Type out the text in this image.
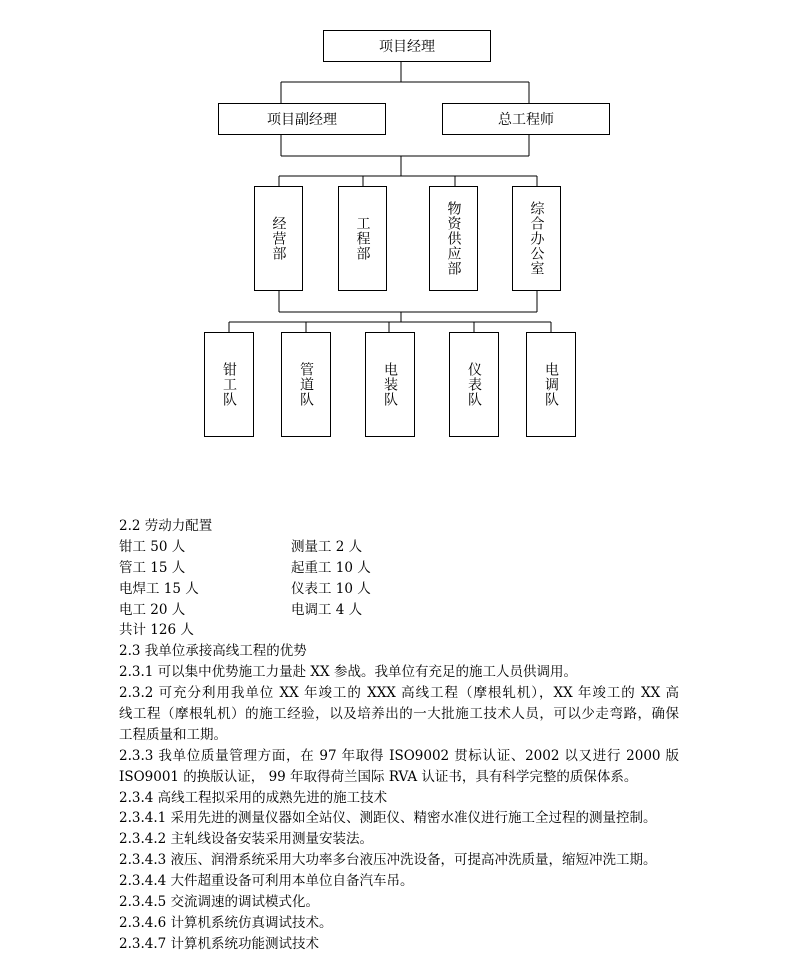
项目经理
项目副经理	总工程师
经营部	工程部	物资供应部	综合办公室
钳工队	管道队	电装队	仪表队	电调队
2.2 劳动力配置
钳工 50 人	测量工 2 人
管工 15 人	起重工 10 人
电焊工 15 人	仪表工 10 人
电工 20 人	电调工 4 人
共计 126 人
2.3 我单位承接高线工程的优势
2.3.1 可以集中优势施工力量赴 XX 参战。我单位有充足的施工人员供调用。
2.3.2 可充分利用我单位 XX 年竣工的 XXX 高线工程（摩根轧机），XX 年竣工的 XX 高
线工程（摩根轧机）的施工经验，以及培养出的一大批施工技术人员，可以少走弯路，确保
工程质量和工期。
2.3.3 我单位质量管理方面，在 97 年取得 ISO9002 贯标认证、2002 以又进行 2000 版
ISO9001 的换版认证， 99 年取得荷兰国际 RVA 认证书，具有科学完整的质保体系。
2.3.4 高线工程拟采用的成熟先进的施工技术
2.3.4.1 采用先进的测量仪器如全站仪、测距仪、精密水准仪进行施工全过程的测量控制。
2.3.4.2 主轧线设备安装采用测量安装法。
2.3.4.3 液压、润滑系统采用大功率多台液压冲洗设备，可提高冲洗质量，缩短冲洗工期。
2.3.4.4 大件超重设备可利用本单位自备汽车吊。
2.3.4.5 交流调速的调试模式化。
2.3.4.6 计算机系统仿真调试技术。
2.3.4.7 计算机系统功能测试技术
